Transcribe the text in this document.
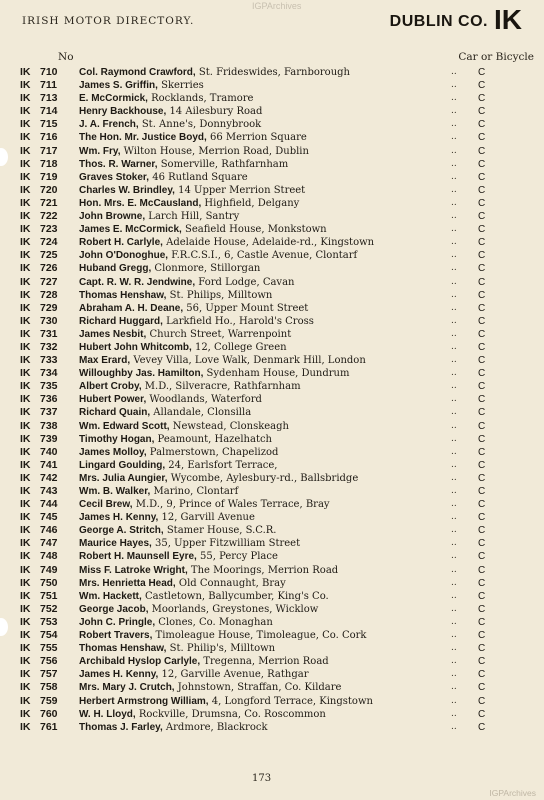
IRISH MOTOR DIRECTORY.
IGPArchives
DUBLIN CO. IK
No	Car or Bicycle
IK 710 Col. Raymond Crawford, St. Frideswides, Farnborough	.. C
IK 711 James S. Griffin, Skerries	.. C
IK 713 E. McCormick, Rocklands, Tramore	.. C
IK 714 Henry Backhouse, 14 Ailesbury Road	.. C
IK 715 J. A. French, St. Anne's, Donnybrook	.. C
IK 716 The Hon. Mr. Justice Boyd, 66 Merrion Square	.. C
IK 717 Wm. Fry, Wilton House, Merrion Road, Dublin	.. C
IK 718 Thos. R. Warner, Somerville, Rathfarnham	.. C
IK 719 Graves Stoker, 46 Rutland Square	.. C
IK 720 Charles W. Brindley, 14 Upper Merrion Street	.. C
IK 721 Hon. Mrs. E. McCausland, Highfield, Delgany	.. C
IK 722 John Browne, Larch Hill, Santry	.. C
IK 723 James E. McCormick, Seafield House, Monkstown	.. C
IK 724 Robert H. Carlyle, Adelaide House, Adelaide-rd., Kingstown	.. C
IK 725 John O'Donoghue, F.R.C.S.I., 6, Castle Avenue, Clontarf	.. C
IK 726 Huband Gregg, Clonmore, Stillorgan	.. C
IK 727 Capt. R. W. R. Jendwine, Ford Lodge, Cavan	.. C
IK 728 Thomas Henshaw, St. Philips, Milltown	.. C
IK 729 Abraham A. H. Deane, 56, Upper Mount Street	.. C
IK 730 Richard Huggard, Larkfield Ho., Harold's Cross	.. C
IK 731 James Nesbit, Church Street, Warrenpoint	.. C
IK 732 Hubert John Whitcomb, 12, College Green	.. C
IK 733 Max Erard, Vevey Villa, Love Walk, Denmark Hill, London	.. C
IK 734 Willoughby Jas. Hamilton, Sydenham House, Dundrum	.. C
IK 735 Albert Croby, M.D., Silveracre, Rathfarnham	.. C
IK 736 Hubert Power, Woodlands, Waterford	.. C
IK 737 Richard Quain, Allandale, Clonsilla	.. C
IK 738 Wm. Edward Scott, Newstead, Clonskeagh	.. C
IK 739 Timothy Hogan, Peamount, Hazelhatch	.. C
IK 740 James Molloy, Palmerstown, Chapelizod	.. C
IK 741 Lingard Goulding, 24, Earlsfort Terrace,	.. C
IK 742 Mrs. Julia Aungier, Wycombe, Aylesbury-rd., Ballsbridge	.. C
IK 743 Wm. B. Walker, Marino, Clontarf	.. C
IK 744 Cecil Brew, M.D., 9, Prince of Wales Terrace, Bray	.. C
IK 745 James H. Kenny, 12, Garvill Avenue	.. C
IK 746 George A. Stritch, Stamer House, S.C.R.	.. C
IK 747 Maurice Hayes, 35, Upper Fitzwilliam Street	.. C
IK 748 Robert H. Maunsell Eyre, 55, Percy Place	.. C
IK 749 Miss F. Latroke Wright, The Moorings, Merrion Road	.. C
IK 750 Mrs. Henrietta Head, Old Connaught, Bray	.. C
IK 751 Wm. Hackett, Castletown, Ballycumber, King's Co.	.. C
IK 752 George Jacob, Moorlands, Greystones, Wicklow	.. C
IK 753 John C. Pringle, Clones, Co. Monaghan	.. C
IK 754 Robert Travers, Timoleague House, Timoleague, Co. Cork	.. C
IK 755 Thomas Henshaw, St. Philip's, Milltown	.. C
IK 756 Archibald Hyslop Carlyle, Tregenna, Merrion Road	.. C
IK 757 James H. Kenny, 12, Garville Avenue, Rathgar	.. C
IK 758 Mrs. Mary J. Crutch, Johnstown, Straffan, Co. Kildare	.. C
IK 759 Herbert Armstrong William, 4, Longford Terrace, Kingstown	.. C
IK 760 W. H. Lloyd, Rockville, Drumsna, Co. Roscommon	.. C
IK 761 Thomas J. Farley, Ardmore, Blackrock	.. C
173
IGPArchives
